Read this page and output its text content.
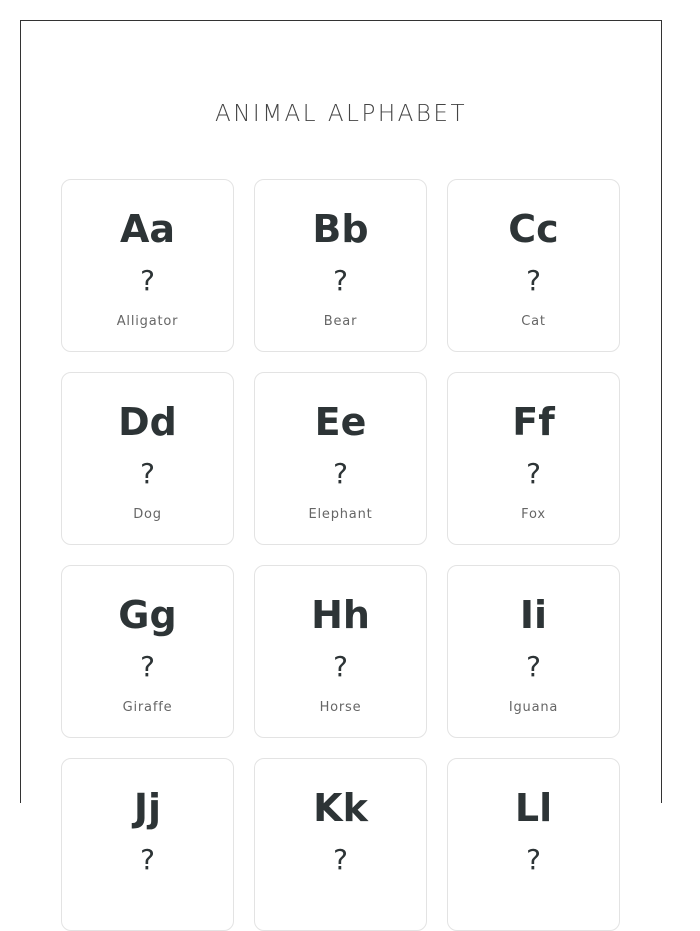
ANIMAL ALPHABET
Aa
?
Alligator
Bb
?
Bear
Cc
?
Cat
Dd
?
Dog
Ee
?
Elephant
Ff
?
Fox
Gg
?
Giraffe
Hh
?
Horse
Ii
?
Iguana
Jj
?
Kk
?
Ll
?
